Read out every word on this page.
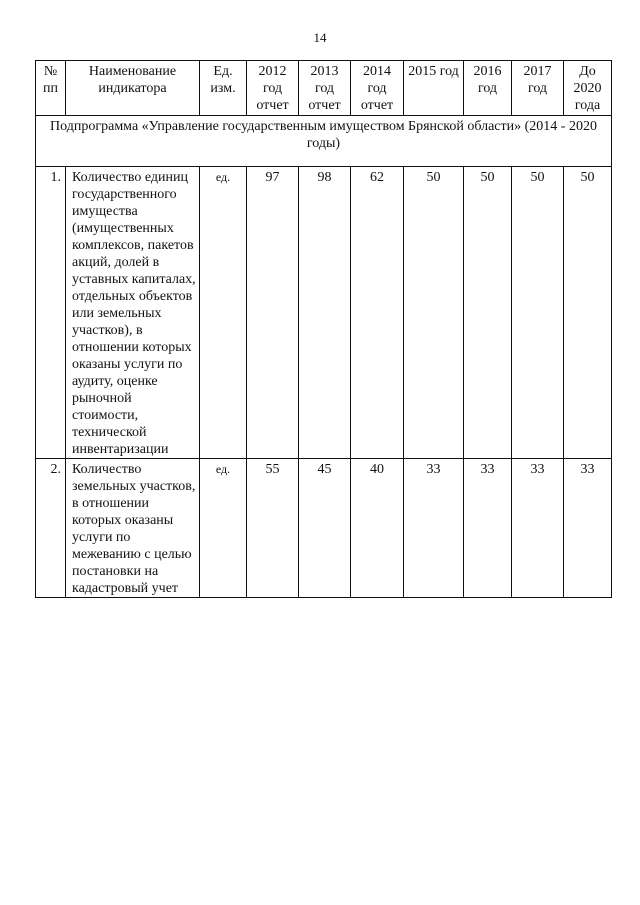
14
№ пп	Наименование индикатора	Ед. изм.	2012 год отчет	2013 год отчет	2014 год отчет	2015 год	2016 год	2017 год	До 2020 года
Подпрограмма «Управление государственным имуществом Брянской области» (2014 - 2020 годы)									
1.	Количество единиц государственного имущества (имущественных комплексов, пакетов акций, долей в уставных капиталах, отдельных объектов или земельных участков), в отношении которых оказаны услуги по аудиту, оценке рыночной стоимости, технической инвентаризации	ед.	97	98	62	50	50	50	50
2.	Количество земельных участков, в отношении которых оказаны услуги по межеванию с целью постановки на кадастровый учет	ед.	55	45	40	33	33	33	33
